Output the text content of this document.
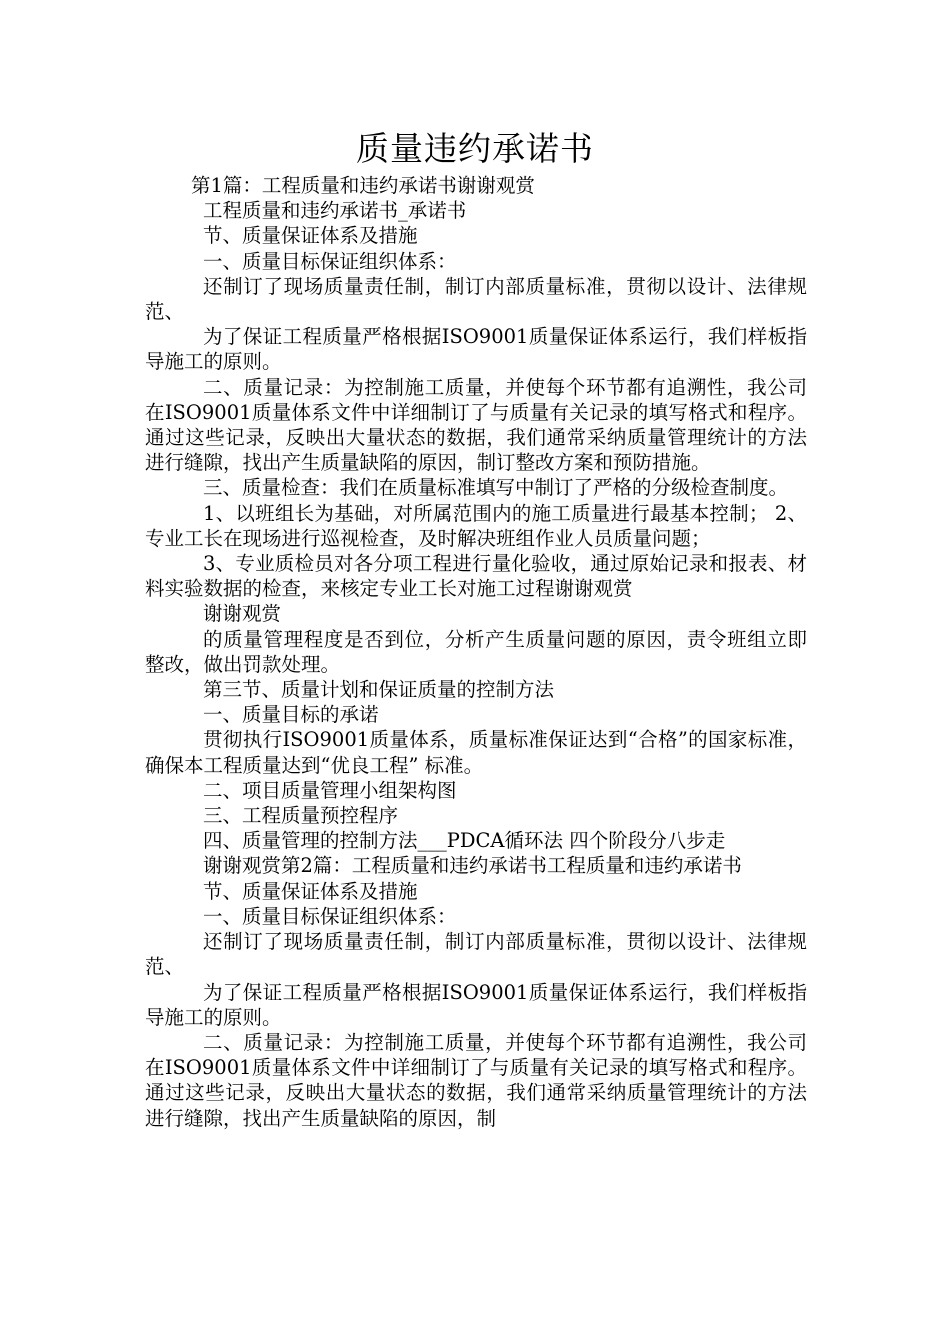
质量违约承诺书

第1篇：工程质量和违约承诺书谢谢观赏

工程质量和违约承诺书_承诺书

节、质量保证体系及措施

一、质量目标保证组织体系：

还制订了现场质量责任制，制订内部质量标准，贯彻以设计、法律规范、

为了保证工程质量严格根据ISO9001质量保证体系运行，我们样板指导施工的原则。

二、质量记录：为控制施工质量，并使每个环节都有追溯性，我公司在ISO9001质量体系文件中详细制订了与质量有关记录的填写格式和程序。通过这些记录，反映出大量状态的数据，我们通常采纳质量管理统计的方法进行缝隙，找出产生质量缺陷的原因，制订整改方案和预防措施。

三、质量检查：我们在质量标准填写中制订了严格的分级检查制度。

1、以班组长为基础，对所属范围内的施工质量进行最基本控制； 2、专业工长在现场进行巡视检查，及时解决班组作业人员质量问题；

3、专业质检员对各分项工程进行量化验收，通过原始记录和报表、材料实验数据的检查，来核定专业工长对施工过程谢谢观赏

谢谢观赏

的质量管理程度是否到位，分析产生质量问题的原因，责令班组立即整改，做出罚款处理。

第三节、质量计划和保证质量的控制方法

一、质量目标的承诺

贯彻执行ISO9001质量体系，质量标准保证达到“合格”的国家标准，确保本工程质量达到“优良工程” 标准。

二、项目质量管理小组架构图

三、工程质量预控程序

四、质量管理的控制方法___PDCA循环法 四个阶段分八步走

谢谢观赏第2篇：工程质量和违约承诺书工程质量和违约承诺书

节、质量保证体系及措施

一、质量目标保证组织体系：

还制订了现场质量责任制，制订内部质量标准，贯彻以设计、法律规范、

为了保证工程质量严格根据ISO9001质量保证体系运行，我们样板指导施工的原则。

二、质量记录：为控制施工质量，并使每个环节都有追溯性，我公司在ISO9001质量体系文件中详细制订了与质量有关记录的填写格式和程序。通过这些记录，反映出大量状态的数据，我们通常采纳质量管理统计的方法进行缝隙，找出产生质量缺陷的原因，制
